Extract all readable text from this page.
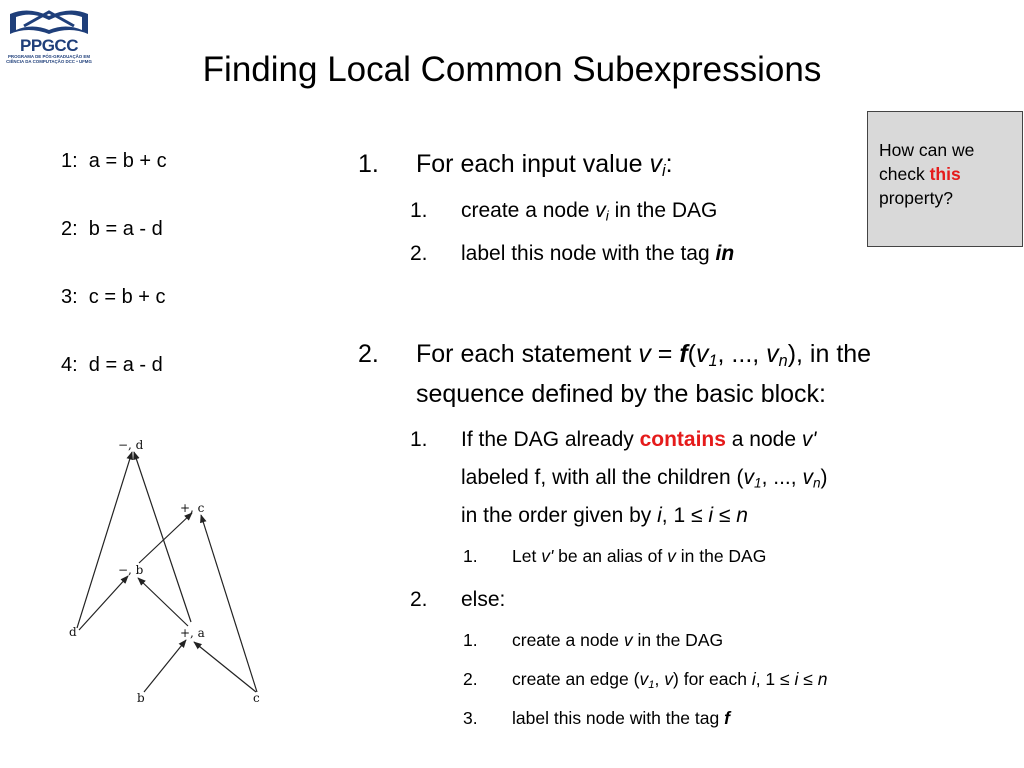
PPGCC
PROGRAMA DE PÓS-GRADUAÇÃO EM CIÊNCIA DA COMPUTAÇÃO DCC • UFMG	Finding Local Common Subexpressions
1:  a = b + c
2:  b = a - d
3:  c = b + c
4:  d = a - d
How can we check this property?
1. For each input value $v_i$:
1. create a node $v_i$ in the DAG
2. label this node with the tag in
2. For each statement $v = f(v_1$, ..., $v_n$), in the
sequence defined by the basic block:
1. If the DAG already contains a node v'
labeled f, with all the children ($v_1$, ..., $v_n$)
in the order given by i, 1 ≤ i ≤ n
1. Let v' be an alias of v in the DAG
2. else:
1. create a node v in the DAG
2. create an edge ($v_1$, v) for each i, 1 ≤ i ≤ n
3. label this node with the tag f
−, d
+, c
−, b
d	+, a
b	c
